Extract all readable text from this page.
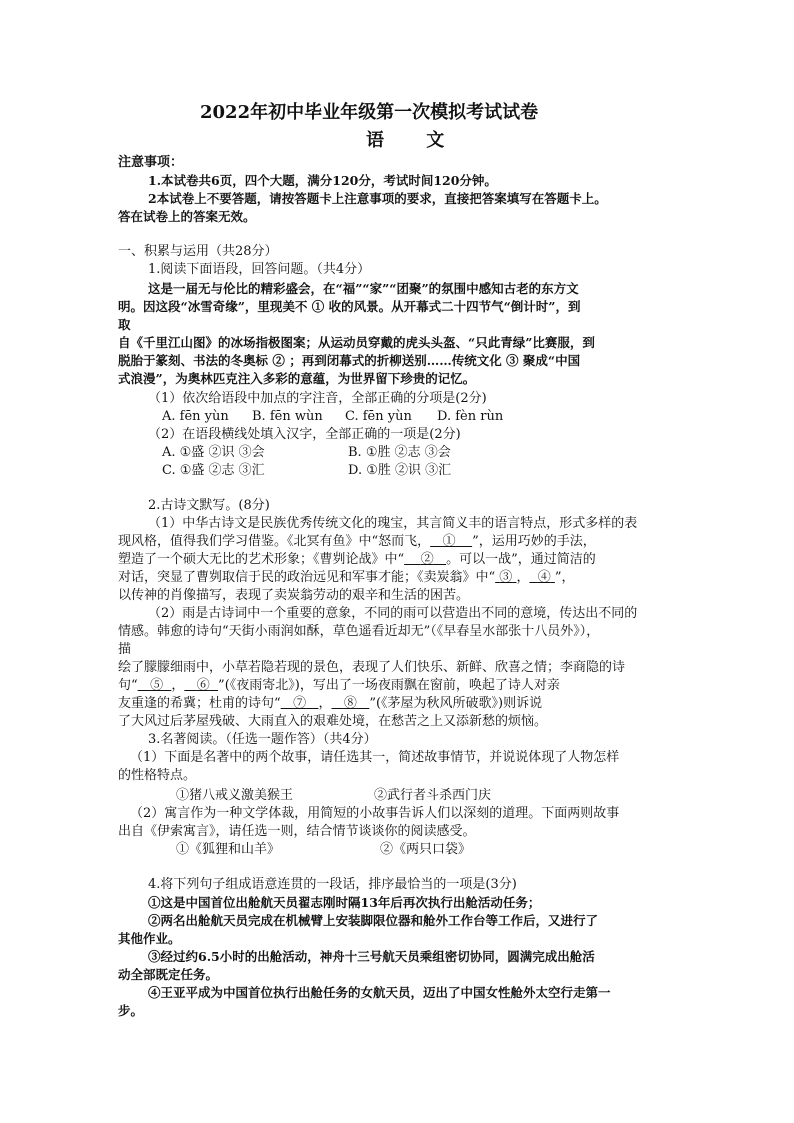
2022年初中毕业年级第一次模拟考试试卷
语 文
注意事项：
1.本试卷共6页，四个大题，满分120分，考试时间120分钟。
2本试卷上不要答题，请按答题卡上注意事项的要求，直接把答案填写在答题卡上。
答在试卷上的答案无效。
一、积累与运用（共28分）
1.阅读下面语段，回答问题。（共4分）
这是一届无与伦比的精彩盛会，在“福”“家”“团聚”的氛围中感知古老的东方文
明。因这段“冰雪奇缘”，里现美不 ① 收的风景。从开幕式二十四节气“倒计时”，到
取
自《千里江山图》的冰场指极图案；从运动员穿戴的虎头头盔、“只此青绿”比赛服，到
脱胎于篆刻、书法的冬奥标 ② ；再到闭幕式的折柳送别……传统文化 ③ 聚成“中国
式浪漫”，为奥林匹克注入多彩的意蕴，为世界留下珍贵的记忆。
（1）依次给语段中加点的字注音，全部正确的分项是(2分)
A. fēn yùn B. fēn wùn C. fēn yùn D. fèn rùn
（2）在语段横线处填入汉字，全部正确的一项是(2分)
A. ①盛 ②识 ③会	B. ①胜 ②志 ③会
C. ①盛 ②志 ③汇	D. ①胜 ②识 ③汇
2.古诗文默写。(8分)
（1）中华古诗文是民族优秀传统文化的瑰宝，其言简义丰的语言特点，形式多样的表
现风格，值得我们学习借鉴。《北冥有鱼》中“怒而飞， ① ”，运用巧妙的手法，
塑造了一个硕大无比的艺术形象；《曹刿论战》中“ ② 。可以一战”，通过简洁的
对话，突显了曹刿取信于民的政治远见和军事才能；《卖炭翁》中“ ③ ， ④ ”，
以传神的肖像描写，表现了卖炭翁劳动的艰辛和生活的困苦。
（2）雨是古诗词中一个重要的意象，不同的雨可以营造出不同的意境，传达出不同的
情感。韩愈的诗句“天街小雨润如酥，草色遥看近却无”（《早春呈水部张十八员外》），
描
绘了朦朦细雨中，小草若隐若现的景色，表现了人们快乐、新鲜、欣喜之情；李商隐的诗
句“ ⑤ ， ⑥ ”(《夜雨寄北》)，写出了一场夜雨飘在窗前，唤起了诗人对亲
友重逢的希冀；杜甫的诗句“ ⑦ ， ⑧ ”(《茅屋为秋风所破歌》)则诉说
了大风过后茅屋残破、大雨直入的艰难处境，在愁苦之上又添新愁的烦恼。
3.名著阅读。（任选一题作答）（共4分）
（1）下面是名著中的两个故事，请任选其一，简述故事情节，并说说体现了人物怎样
的性格特点。
①猪八戒义激美猴王	②武行者斗杀西门庆
（2）寓言作为一种文学体裁，用简短的小故事告诉人们以深刻的道理。下面两则故事
出自《伊索寓言》，请任选一则，结合情节谈谈你的阅读感受。
①《狐狸和山羊》	②《两只口袋》
4.将下列句子组成语意连贯的一段话，排序最恰当的一项是(3分)
①这是中国首位出舱航天员翟志刚时隔13年后再次执行出舱活动任务；
②两名出舱航天员完成在机械臂上安装脚限位器和舱外工作台等工作后，又进行了
其他作业。
③经过约6.5小时的出舱活动，神舟十三号航天员乘组密切协同，圆满完成出舱活
动全部既定任务。
④王亚平成为中国首位执行出舱任务的女航天员，迈出了中国女性舱外太空行走第一
步。
